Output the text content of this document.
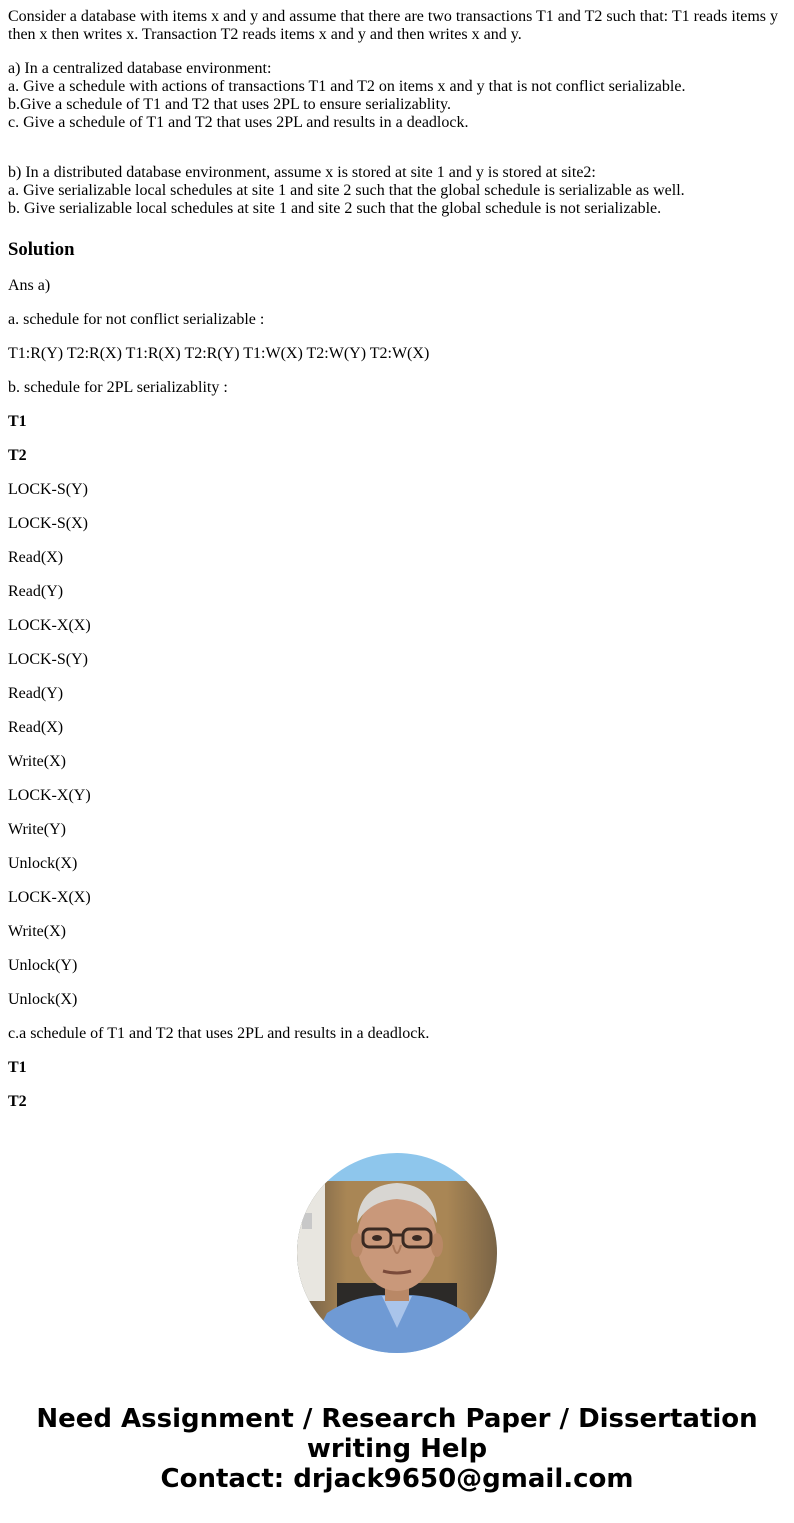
Consider a database with items x and y and assume that there are two transactions T1 and T2 such that: T1 reads items y

then x then writes x. Transaction T2 reads items x and y and then writes x and y.

a) In a centralized database environment:

a. Give a schedule with actions of transactions T1 and T2 on items x and y that is not conflict serializable.

b.Give a schedule of T1 and T2 that uses 2PL to ensure serializablity.

c. Give a schedule of T1 and T2 that uses 2PL and results in a deadlock.

b) In a distributed database environment, assume x is stored at site 1 and y is stored at site2:

a. Give serializable local schedules at site 1 and site 2 such that the global schedule is serializable as well.

b. Give serializable local schedules at site 1 and site 2 such that the global schedule is not serializable.

Solution

Ans a)

a. schedule for not conflict serializable :

T1:R(Y) T2:R(X) T1:R(X) T2:R(Y) T1:W(X) T2:W(Y) T2:W(X)

b. schedule for 2PL serializablity :

T1

T2

LOCK-S(Y)

LOCK-S(X)

Read(X)

Read(Y)

LOCK-X(X)

LOCK-S(Y)

Read(Y)

Read(X)

Write(X)

LOCK-X(Y)

Write(Y)

Unlock(X)

LOCK-X(X)

Write(X)

Unlock(Y)

Unlock(X)

c.a schedule of T1 and T2 that uses 2PL and results in a deadlock.

T1

T2

Need Assignment / Research Paper / Dissertation
writing Help
Contact: drjack9650@gmail.com
